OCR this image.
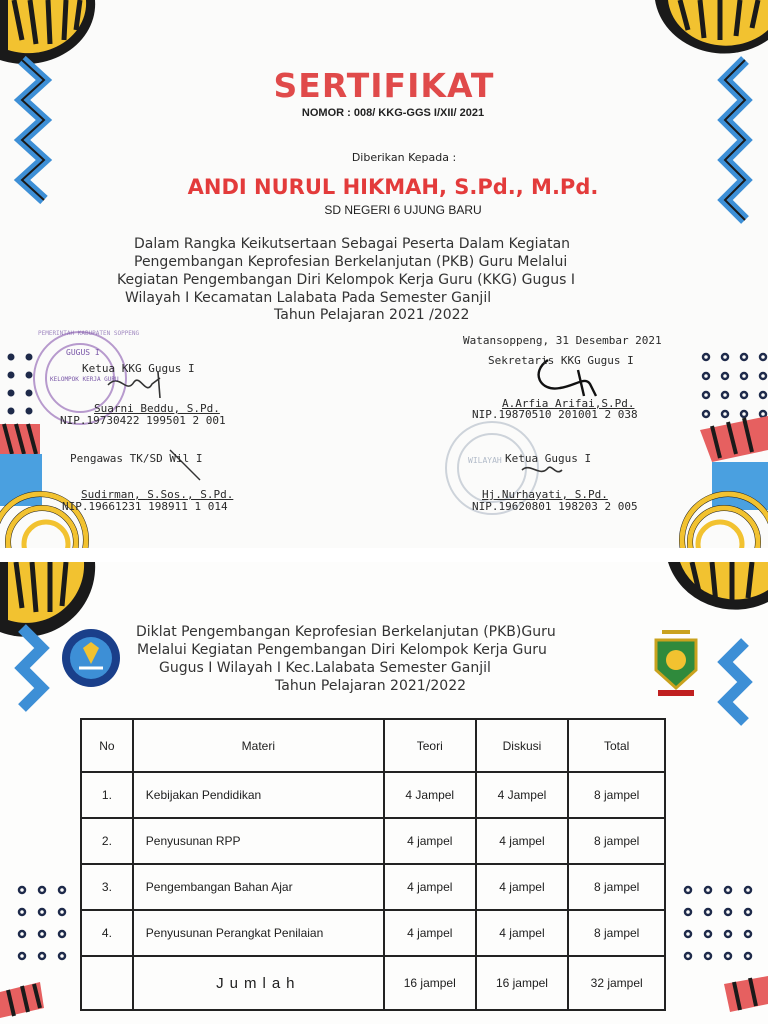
GUGUS I
KELOMPOK KERJA GURU
PEMERINTAH KABUPATEN SOPPENG
WILAYAH
SERTIFIKAT
NOMOR : 008/ KKG-GGS I/XII/ 2021
Diberikan Kepada :
ANDI NURUL HIKMAH, S.Pd., M.Pd.
SD NEGERI 6 UJUNG BARU
Dalam Rangka Keikutsertaan Sebagai Peserta Dalam Kegiatan
Pengembangan Keprofesian Berkelanjutan (PKB) Guru Melalui
Kegiatan Pengembangan Diri Kelompok Kerja Guru (KKG) Gugus I
Wilayah I Kecamatan Lalabata Pada Semester Ganjil
Tahun Pelajaran 2021 /2022
Watansoppeng, 31 Desembar 2021
Ketua KKG Gugus I
Suarni Beddu, S.Pd.
NIP.19730422 199501 2 001
Sekretaris KKG Gugus I
A.Arfia Arifai,S.Pd.
NIP.19870510 201001 2 038
Pengawas TK/SD Wil I
Sudirman, S.Sos., S.Pd.
NIP.19661231 198911 1 014
Ketua Gugus I
Hj.Nurhayati, S.Pd.
NIP.19620801 198203 2 005
Diklat Pengembangan Keprofesian Berkelanjutan (PKB)Guru
Melalui Kegiatan Pengembangan Diri Kelompok Kerja Guru
Gugus I Wilayah I Kec.Lalabata Semester Ganjil
Tahun Pelajaran 2021/2022
No	Materi	Teori	Diskusi	Total
1.	Kebijakan Pendidikan	4 Jampel	4 Jampel	8 jampel
2.	Penyusunan RPP	4 jampel	4 jampel	8 jampel
3.	Pengembangan Bahan Ajar	4 jampel	4 jampel	8 jampel
4.	Penyusunan Perangkat Penilaian	4 jampel	4 jampel	8 jampel
	Jumlah	16 jampel	16 jampel	32 jampel
